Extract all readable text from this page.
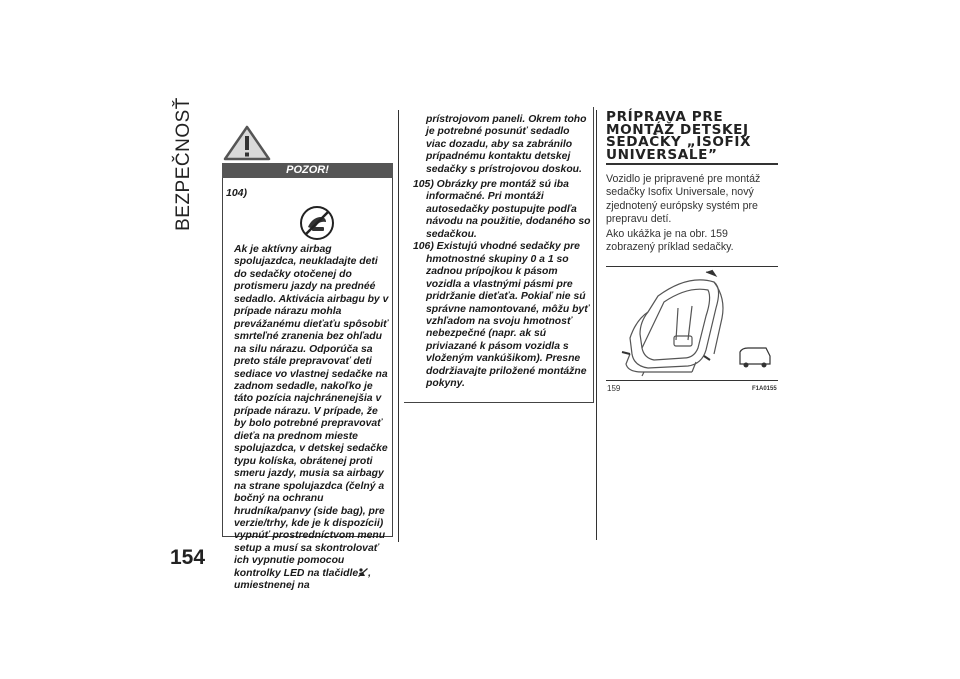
BEZPEČNOSŤ
154
POZOR!
104)

Ak je aktívny airbag spolujazdca, neukladajte deti do sedačky otočenej do protismeru jazdy na prednéé sedadlo. Aktivácia airbagu by v prípade nárazu mohla prevážanému dieťaťu spôsobiť smrteľné zranenia bez ohľadu na silu nárazu. Odporúča sa preto stále prepravovať deti sediace vo vlastnej sedačke na zadnom sedadle, nakoľko je táto pozícia najchránenejšia v prípade nárazu. V prípade, že by bolo potrebné prepravovať dieťa na prednom mieste spolujazdca, v detskej sedačke typu kolíska, obrátenej proti smeru jazdy, musia sa airbagy na strane spolujazdca (čelný a bočný na ochranu hrudníka/panvy (side bag), pre verzie/trhy, kde je k dispozícii) vypnúť prostredníctvom menu setup a musí sa skontrolovať ich vypnutie pomocou kontrolky LED na tlačidle , umiestnenej na

prístrojovom paneli. Okrem toho je potrebné posunúť sedadlo viac dozadu, aby sa zabránilo prípadnému kontaktu detskej sedačky s prístrojovou doskou.

105) Obrázky pre montáž sú iba informačné. Pri montáži autosedačky postupujte podľa návodu na použitie, dodaného so sedačkou.
106) Existujú vhodné sedačky pre hmotnostné skupiny 0 a 1 so zadnou prípojkou k pásom vozidla a vlastnými pásmi pre pridržanie dieťaťa. Pokiaľ nie sú správne namontované, môžu byť vzhľadom na svoju hmotnosť nebezpečné (napr. ak sú priviazané k pásom vozidla s vloženým vankúšikom). Presne dodržiavajte priložené montážne pokyny.
PRÍPRAVA PRE MONTÁŽ DETSKEJ SEDAČKY „ISOFIX UNIVERSALE”

Vozidlo je pripravené pre montáž sedačky Isofix Universale, nový zjednotený európsky systém pre prepravu detí.

Ako ukážka je na obr. 159 zobrazený príklad sedačky.

159	F1A0155
